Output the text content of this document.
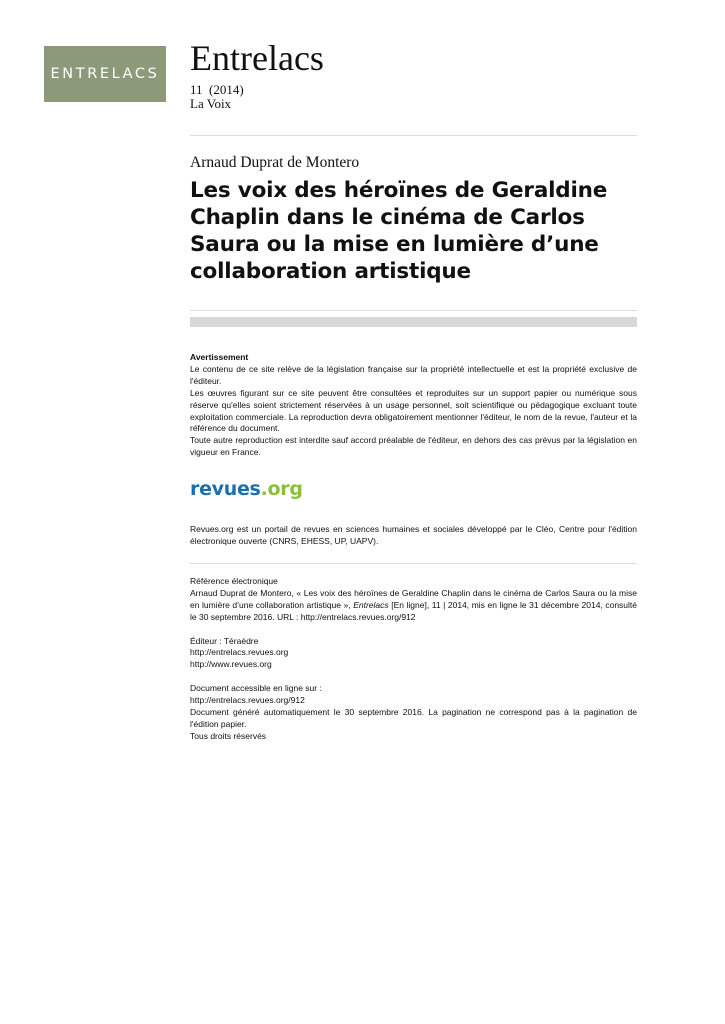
ENTRELACS Entrelacs

11  (2014)

La Voix

Arnaud Duprat de Montero

Les voix des héroïnes de Geraldine Chaplin dans le cinéma de Carlos Saura ou la mise en lumière d’une collaboration artistique

Avertissement

Le contenu de ce site relève de la législation française sur la propriété intellectuelle et est la propriété exclusive de l'éditeur.

Les œuvres figurant sur ce site peuvent être consultées et reproduites sur un support papier ou numérique sous réserve qu'elles soient strictement réservées à un usage personnel, soit scientifique ou pédagogique excluant toute exploitation commerciale. La reproduction devra obligatoirement mentionner l'éditeur, le nom de la revue, l'auteur et la référence du document.

Toute autre reproduction est interdite sauf accord préalable de l'éditeur, en dehors des cas prévus par la législation en vigueur en France.

revues.org

Revues.org est un portail de revues en sciences humaines et sociales développé par le Cléo, Centre pour l'édition électronique ouverte (CNRS, EHESS, UP, UAPV).

Référence électronique

Arnaud Duprat de Montero, « Les voix des héroïnes de Geraldine Chaplin dans le cinéma de Carlos Saura ou la mise en lumière d’une collaboration artistique », Entrelacs [En ligne], 11 | 2014, mis en ligne le 31 décembre 2014, consulté le 30 septembre 2016. URL : http://entrelacs.revues.org/912

Éditeur : Téraèdre

http://entrelacs.revues.org

http://www.revues.org

Document accessible en ligne sur :

http://entrelacs.revues.org/912

Document généré automatiquement le 30 septembre 2016. La pagination ne correspond pas à la pagination de l'édition papier.

Tous droits réservés
